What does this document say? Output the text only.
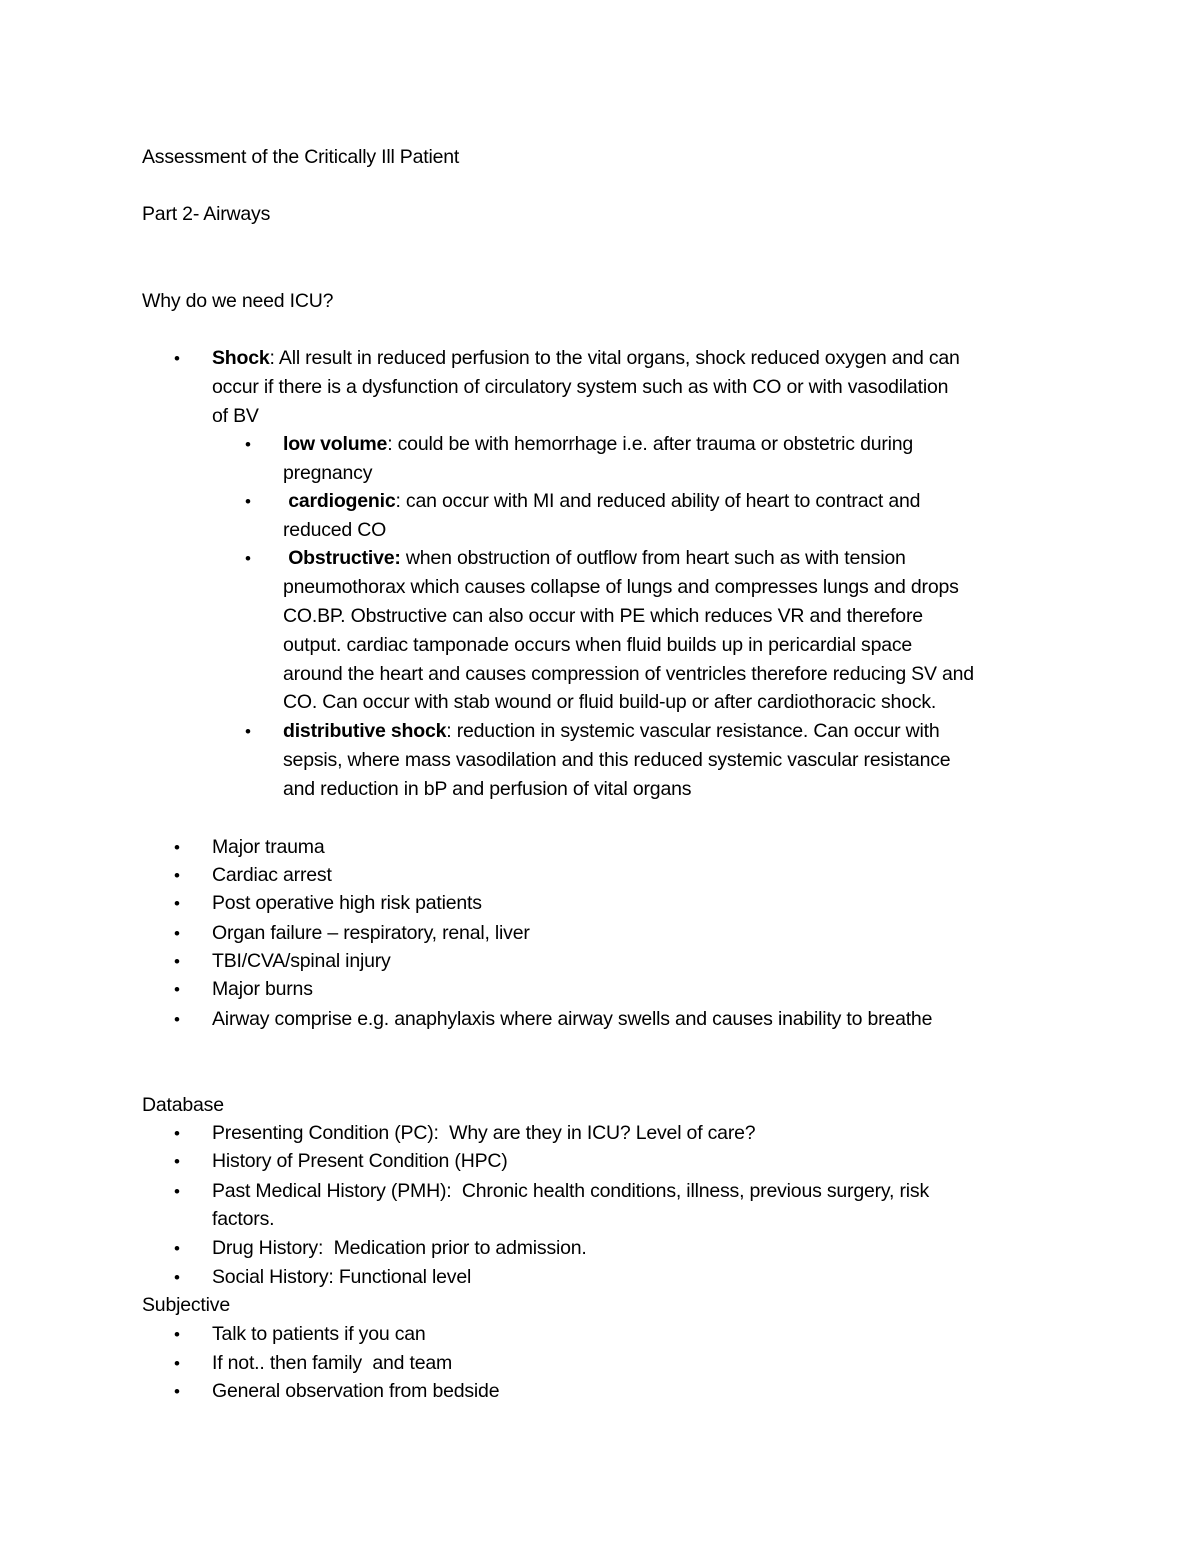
Assessment of the Critically Ill Patient
Part 2- Airways
Why do we need ICU?
• Shock: All result in reduced perfusion to the vital organs, shock reduced oxygen and can
occur if there is a dysfunction of circulatory system such as with CO or with vasodilation
of BV
• low volume: could be with hemorrhage i.e. after trauma or obstetric during
pregnancy
• cardiogenic: can occur with MI and reduced ability of heart to contract and
reduced CO
• Obstructive: when obstruction of outflow from heart such as with tension
pneumothorax which causes collapse of lungs and compresses lungs and drops
CO.BP. Obstructive can also occur with PE which reduces VR and therefore
output. cardiac tamponade occurs when fluid builds up in pericardial space
around the heart and causes compression of ventricles therefore reducing SV and
CO. Can occur with stab wound or fluid build-up or after cardiothoracic shock.
• distributive shock: reduction in systemic vascular resistance. Can occur with
sepsis, where mass vasodilation and this reduced systemic vascular resistance
and reduction in bP and perfusion of vital organs
• Major trauma
• Cardiac arrest
• Post operative high risk patients
• Organ failure – respiratory, renal, liver
• TBI/CVA/spinal injury
• Major burns
• Airway comprise e.g. anaphylaxis where airway swells and causes inability to breathe
Database
• Presenting Condition (PC):  Why are they in ICU? Level of care?
• History of Present Condition (HPC)
• Past Medical History (PMH):  Chronic health conditions, illness, previous surgery, risk
factors.
• Drug History:  Medication prior to admission.
• Social History: Functional level
Subjective
• Talk to patients if you can
• If not.. then family  and team
• General observation from bedside
